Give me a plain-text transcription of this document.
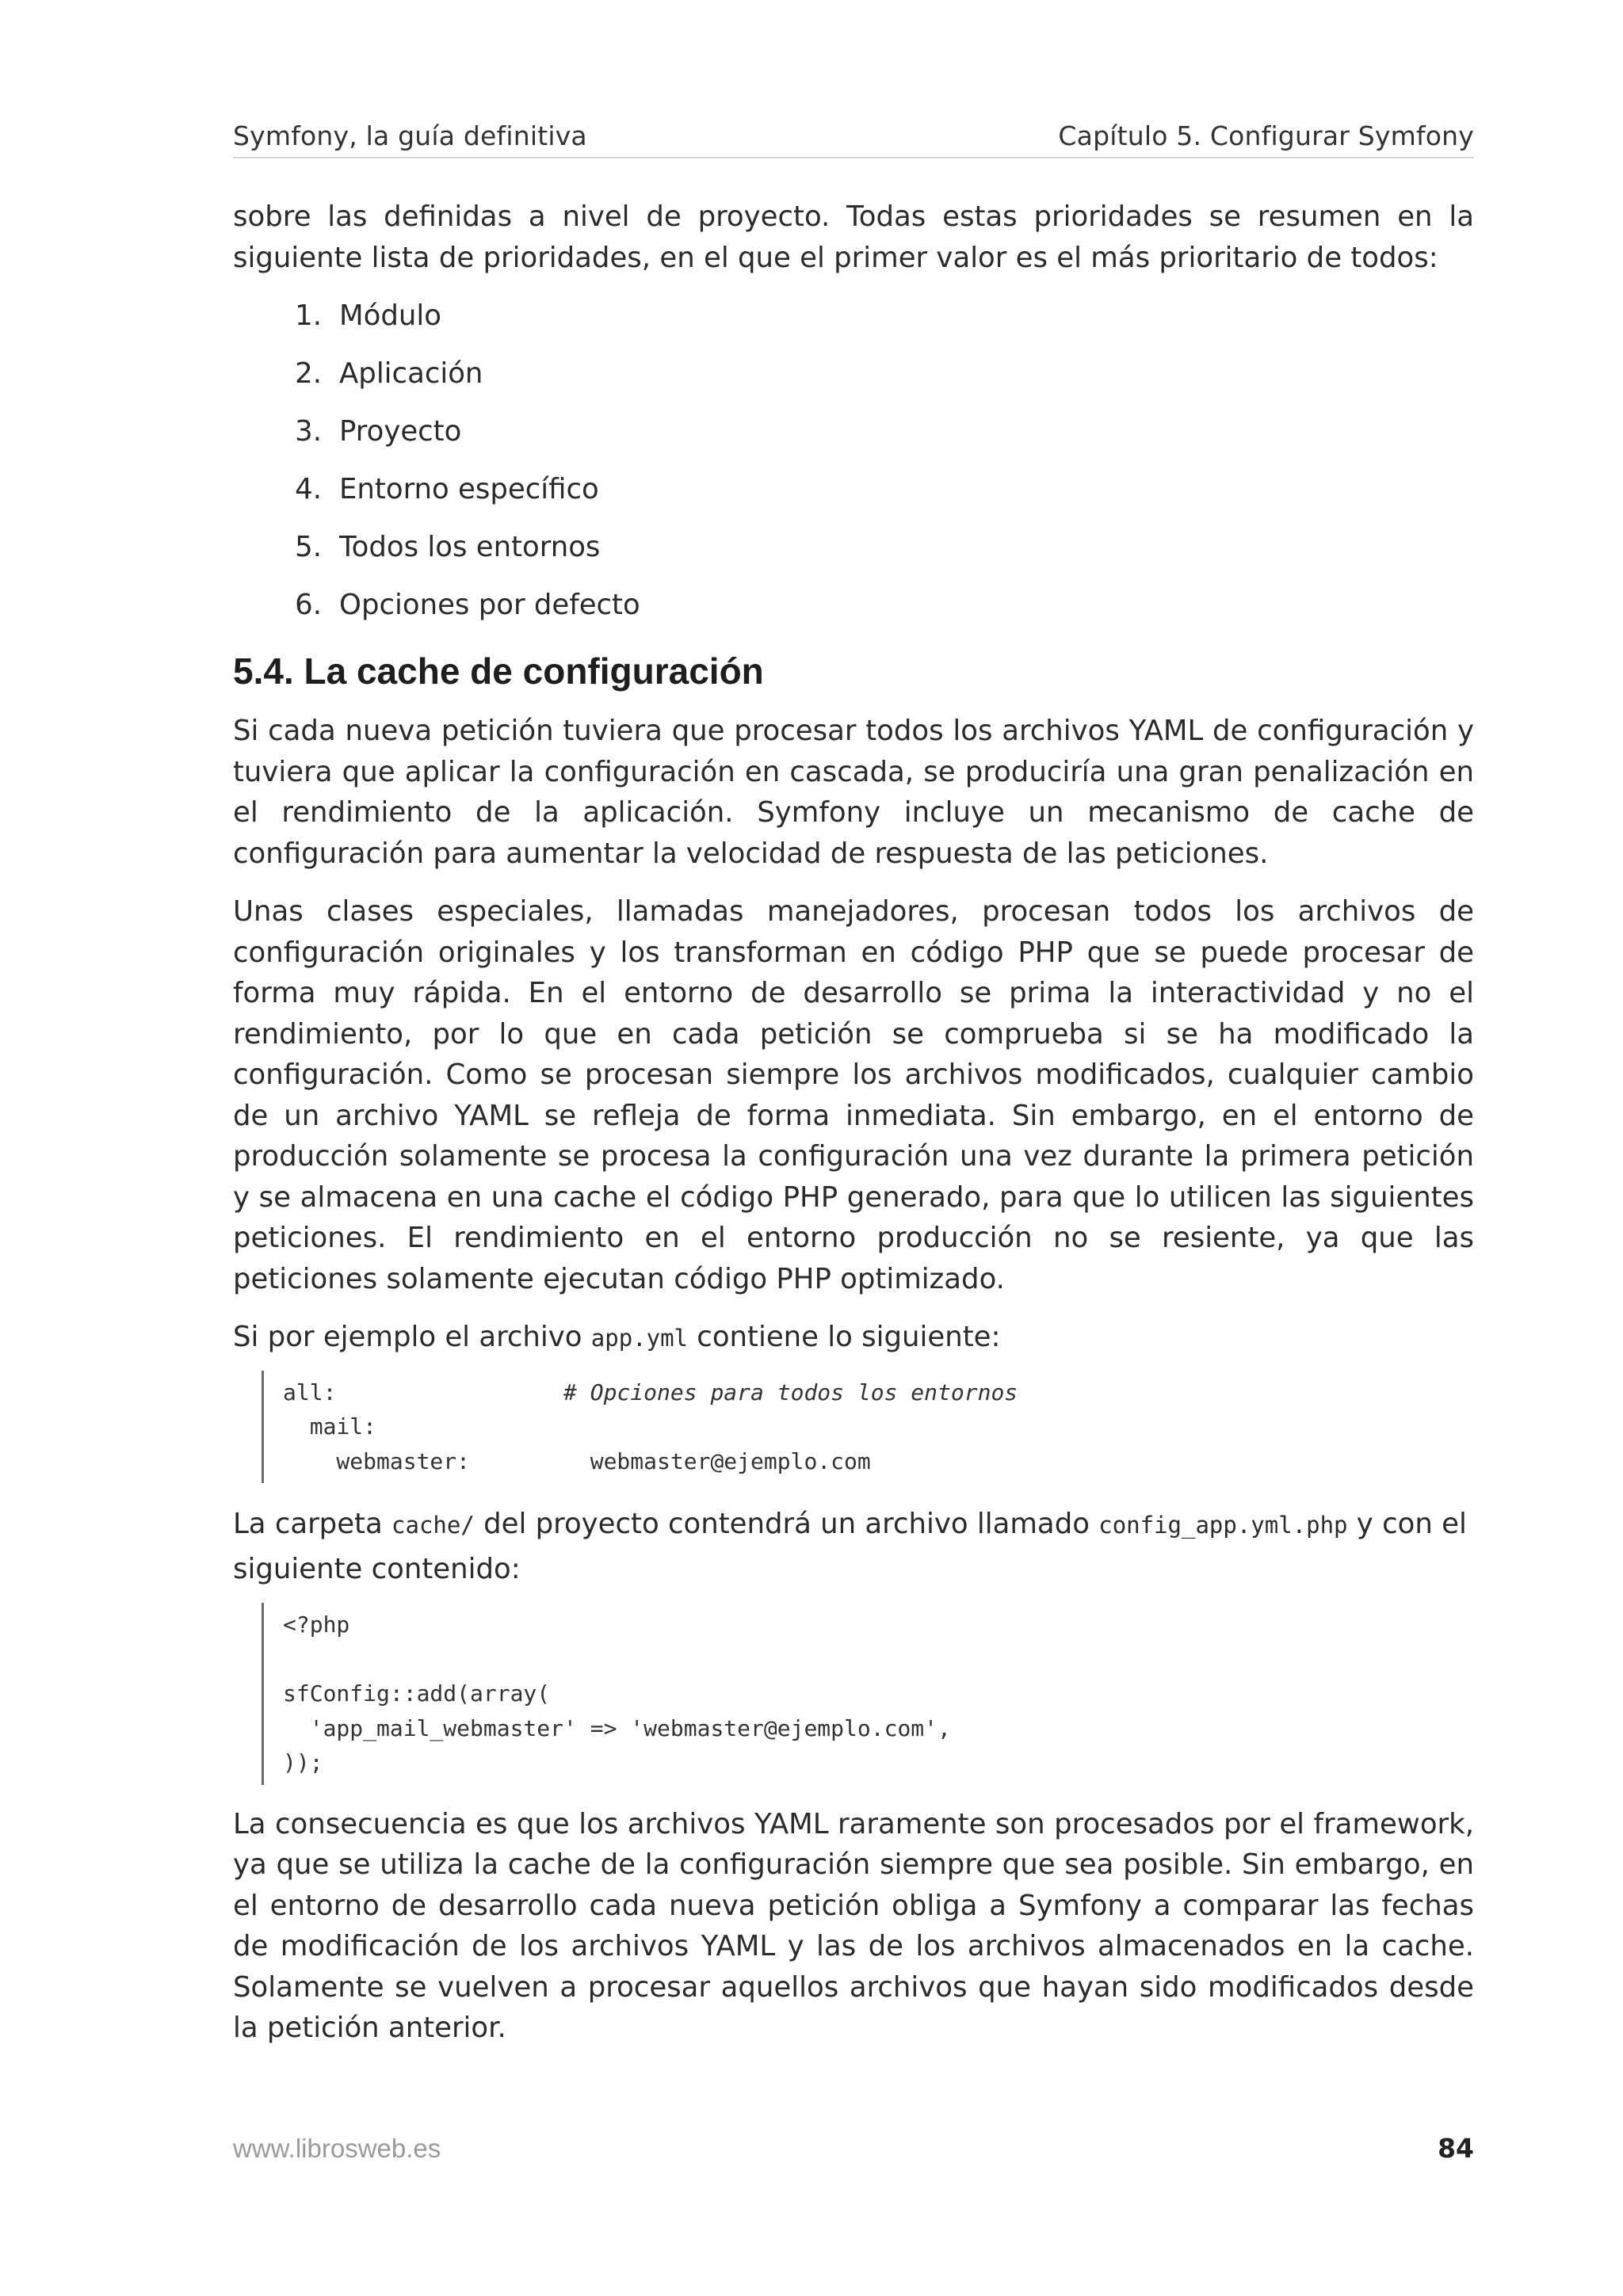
Symfony, la guía definitiva	Capítulo 5. Configurar Symfony

sobre las definidas a nivel de proyecto. Todas estas prioridades se resumen en la siguiente lista de prioridades, en el que el primer valor es el más prioritario de todos:

1. Módulo
2. Aplicación
3. Proyecto
4. Entorno específico
5. Todos los entornos
6. Opciones por defecto
5.4. La cache de configuración

Si cada nueva petición tuviera que procesar todos los archivos YAML de configuración y tuviera que aplicar la configuración en cascada, se produciría una gran penalización en el rendimiento de la aplicación. Symfony incluye un mecanismo de cache de configuración para aumentar la velocidad de respuesta de las peticiones.

Unas clases especiales, llamadas manejadores, procesan todos los archivos de configuración originales y los transforman en código PHP que se puede procesar de forma muy rápida. En el entorno de desarrollo se prima la interactividad y no el rendimiento, por lo que en cada petición se comprueba si se ha modificado la configuración. Como se procesan siempre los archivos modificados, cualquier cambio de un archivo YAML se refleja de forma inmediata. Sin embargo, en el entorno de producción solamente se procesa la configuración una vez durante la primera petición y se almacena en una cache el código PHP generado, para que lo utilicen las siguientes peticiones. El rendimiento en el entorno producción no se resiente, ya que las peticiones solamente ejecutan código PHP optimizado.

Si por ejemplo el archivo app.yml contiene lo siguiente:

all:                 # Opciones para todos los entornos
mail:
webmaster:         webmaster@ejemplo.com

La carpeta cache/ del proyecto contendrá un archivo llamado config_app.yml.php y con el siguiente contenido:

<?php
sfConfig::add(array(
'app_mail_webmaster' => 'webmaster@ejemplo.com',
));

La consecuencia es que los archivos YAML raramente son procesados por el framework, ya que se utiliza la cache de la configuración siempre que sea posible. Sin embargo, en el entorno de desarrollo cada nueva petición obliga a Symfony a comparar las fechas de modificación de los archivos YAML y las de los archivos almacenados en la cache. Solamente se vuelven a procesar aquellos archivos que hayan sido modificados desde la petición anterior.

www.librosweb.es	84
